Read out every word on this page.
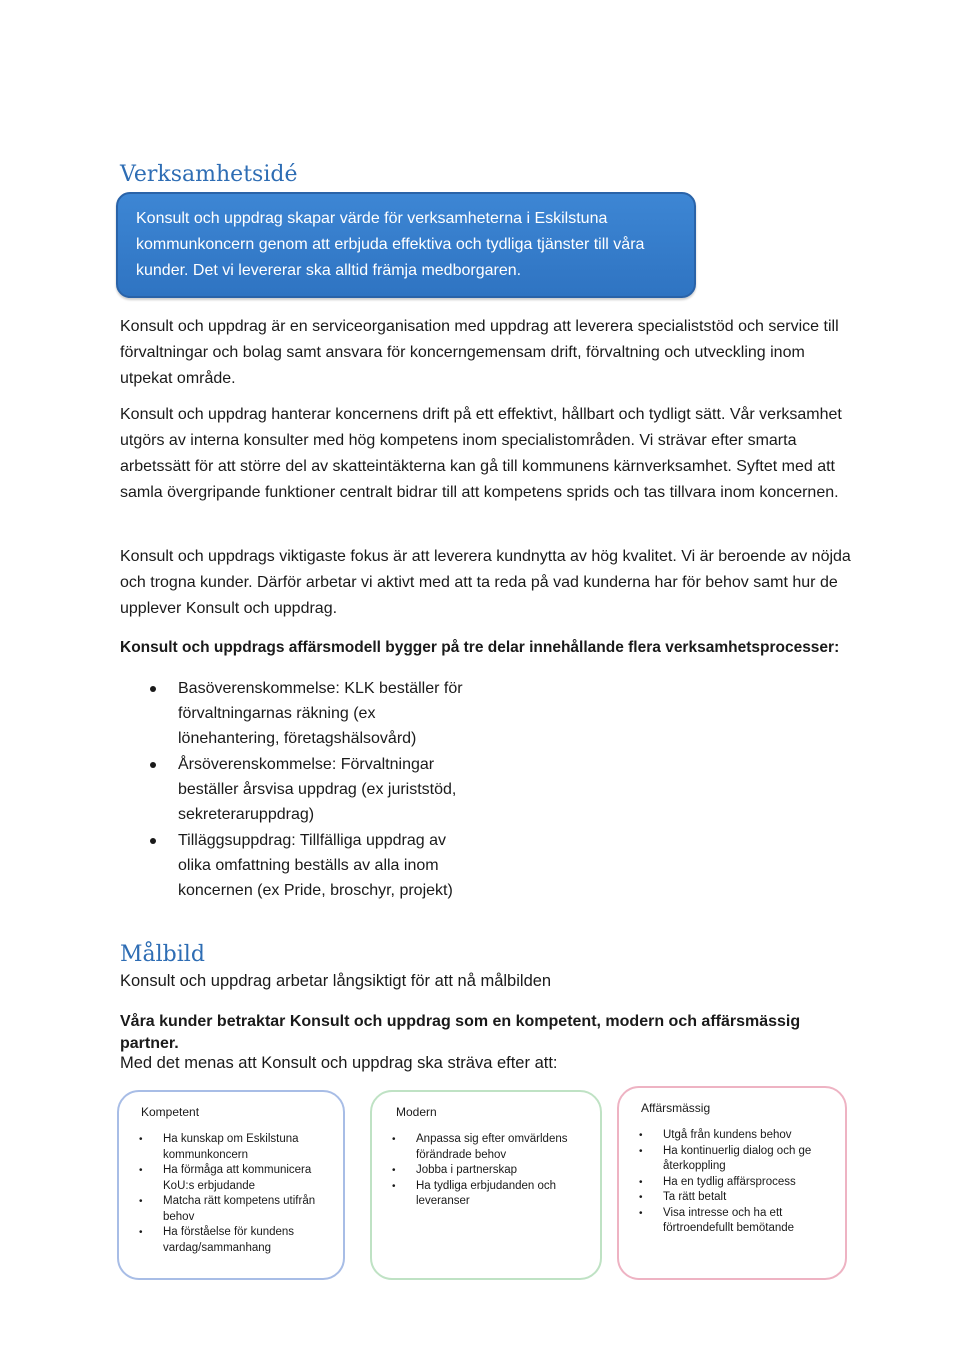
Verksamhetsidé
Konsult och uppdrag skapar värde för verksamheterna i Eskilstuna kommunkoncern genom att erbjuda effektiva och tydliga tjänster till våra kunder. Det vi levererar ska alltid främja medborgaren.

Konsult och uppdrag är en serviceorganisation med uppdrag att leverera specialiststöd och service till förvaltningar och bolag samt ansvara för koncerngemensam drift, förvaltning och utveckling inom utpekat område.

Konsult och uppdrag hanterar koncernens drift på ett effektivt, hållbart och tydligt sätt. Vår verksamhet utgörs av interna konsulter med hög kompetens inom specialistområden. Vi strävar efter smarta arbetssätt för att större del av skatteintäkterna kan gå till kommunens kärnverksamhet. Syftet med att samla övergripande funktioner centralt bidrar till att kompetens sprids och tas tillvara inom koncernen.

Konsult och uppdrags viktigaste fokus är att leverera kundnytta av hög kvalitet. Vi är beroende av nöjda och trogna kunder. Därför arbetar vi aktivt med att ta reda på vad kunderna har för behov samt hur de upplever Konsult och uppdrag.

Konsult och uppdrags affärsmodell bygger på tre delar innehållande flera verksamhetsprocesser:

Basöverenskommelse: KLK beställer för förvaltningarnas räkning (ex lönehantering, företagshälsovård)
Årsöverenskommelse: Förvaltningar beställer årsvisa uppdrag (ex juriststöd, sekreteraruppdrag)
Tilläggsuppdrag: Tillfälliga uppdrag av olika omfattning beställs av alla inom koncernen (ex Pride, broschyr, projekt)
Målbild

Konsult och uppdrag arbetar långsiktigt för att nå målbilden

Våra kunder betraktar Konsult och uppdrag som en kompetent, modern och affärsmässig partner.

Med det menas att Konsult och uppdrag ska sträva efter att:

Kompetent

• Ha kunskap om Eskilstuna kommunkoncern
• Ha förmåga att kommunicera KoU:s erbjudande
• Matcha rätt kompetens utifrån behov
• Ha förståelse för kundens vardag/sammanhang

Modern

• Anpassa sig efter omvärldens förändrade behov
• Jobba i partnerskap
• Ha tydliga erbjudanden och leveranser

Affärsmässig

• Utgå från kundens behov
• Ha kontinuerlig dialog och ge återkoppling
• Ha en tydlig affärsprocess
• Ta rätt betalt
• Visa intresse och ha ett förtroendefullt bemötande
